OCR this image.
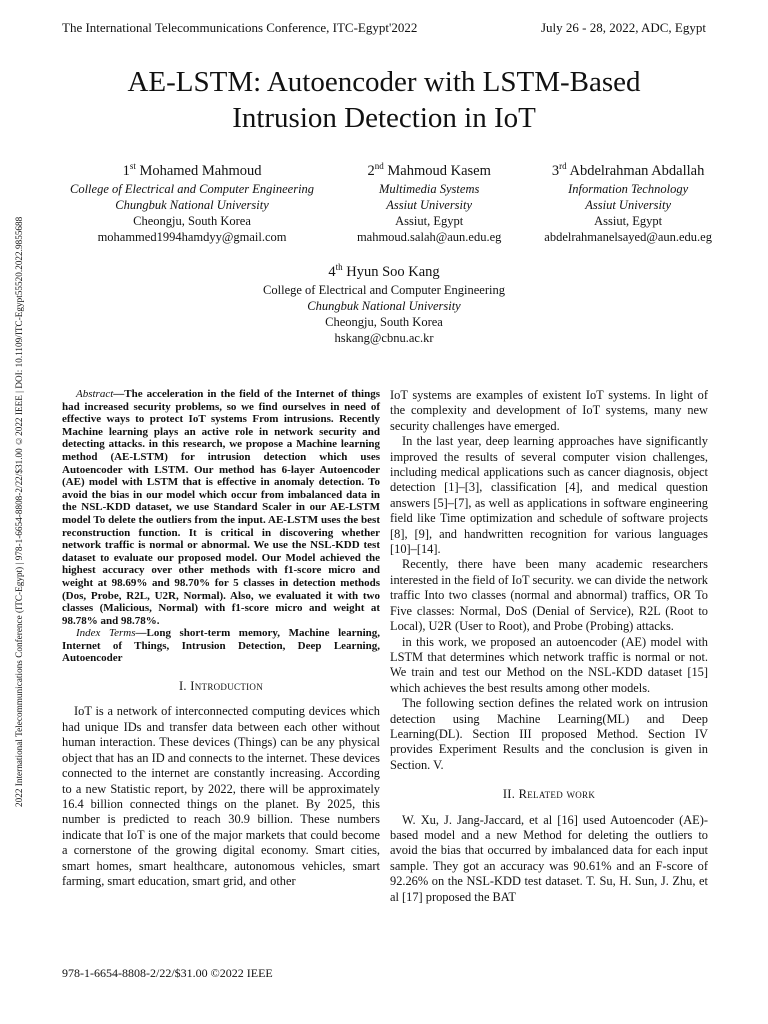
The International Telecommunications Conference, ITC-Egypt'2022	July 26 - 28, 2022, ADC, Egypt
2022 International Telecommunications Conference (ITC-Egypt) | 978-1-6654-8808-2/22/$31.00 ©2022 IEEE | DOI: 10.1109/ITC-Egypt55520.2022.9855688
AE-LSTM: Autoencoder with LSTM-Based
Intrusion Detection in IoT
1st Mohamed Mahmoud
College of Electrical and Computer Engineering
Chungbuk National University
Cheongju, South Korea
mohammed1994hamdyy@gmail.com
2nd Mahmoud Kasem
Multimedia Systems
Assiut University
Assiut, Egypt
mahmoud.salah@aun.edu.eg
3rd Abdelrahman Abdallah
Information Technology
Assiut University
Assiut, Egypt
abdelrahmanelsayed@aun.edu.eg
4th Hyun Soo Kang
College of Electrical and Computer Engineering
Chungbuk National University
Cheongju, South Korea
hskang@cbnu.ac.kr

Abstract—The acceleration in the field of the Internet of things had increased security problems, so we find ourselves in need of effective ways to protect IoT systems From intrusions. Recently Machine learning plays an active role in network security and detecting attacks. in this research, we propose a Machine learning method (AE-LSTM) for intrusion detection which uses Autoencoder with LSTM. Our method has 6-layer Autoencoder (AE) model with LSTM that is effective in anomaly detection. To avoid the bias in our model which occur from imbalanced data in the NSL-KDD dataset, we use Standard Scaler in our AE-LSTM model To delete the outliers from the input. AE-LSTM uses the best reconstruction function. It is critical in discovering whether network traffic is normal or abnormal. We use the NSL-KDD test dataset to evaluate our proposed model. Our Model achieved the highest accuracy over other methods with f1-score micro and weight at 98.69% and 98.70% for 5 classes in detection methods (Dos, Probe, R2L, U2R, Normal). Also, we evaluated it with two classes (Malicious, Normal) with f1-score micro and weight at 98.78% and 98.78%.

Index Terms—Long short-term memory, Machine learning, Internet of Things, Intrusion Detection, Deep Learning, Autoencoder

I. Introduction

IoT is a network of interconnected computing devices which had unique IDs and transfer data between each other without human interaction. These devices (Things) can be any physical object that has an ID and connects to the internet. These devices connected to the internet are constantly increasing. According to a new Statistic report, by 2022, there will be approximately 16.4 billion connected things on the planet. By 2025, this number is predicted to reach 30.9 billion. These numbers indicate that IoT is one of the major markets that could become a cornerstone of the growing digital economy. Smart cities, smart homes, smart healthcare, autonomous vehicles, smart farming, smart education, smart grid, and other

IoT systems are examples of existent IoT systems. In light of the complexity and development of IoT systems, many new security challenges have emerged.

In the last year, deep learning approaches have significantly improved the results of several computer vision challenges, including medical applications such as cancer diagnosis, object detection [1]–[3], classification [4], and medical question answers [5]–[7], as well as applications in software engineering field like Time optimization and schedule of software projects [8], [9], and handwritten recognition for various languages [10]–[14].

Recently, there have been many academic researchers interested in the field of IoT security. we can divide the network traffic Into two classes (normal and abnormal) traffics, OR To Five classes: Normal, DoS (Denial of Service), R2L (Root to Local), U2R (User to Root), and Probe (Probing) attacks.

in this work, we proposed an autoencoder (AE) model with LSTM that determines which network traffic is normal or not. We train and test our Method on the NSL-KDD dataset [15] which achieves the best results among other models.

The following section defines the related work on intrusion detection using Machine Learning(ML) and Deep Learning(DL). Section III proposed Method. Section IV provides Experiment Results and the conclusion is given in Section. V.

II. Related work

W. Xu, J. Jang-Jaccard, et al [16] used Autoencoder (AE)-based model and a new Method for deleting the outliers to avoid the bias that occurred by imbalanced data for each input sample. They got an accuracy was 90.61% and an F-score of 92.26% on the NSL-KDD test dataset. T. Su, H. Sun, J. Zhu, et al [17] proposed the BAT

978-1-6654-8808-2/22/$31.00 ©2022 IEEE
